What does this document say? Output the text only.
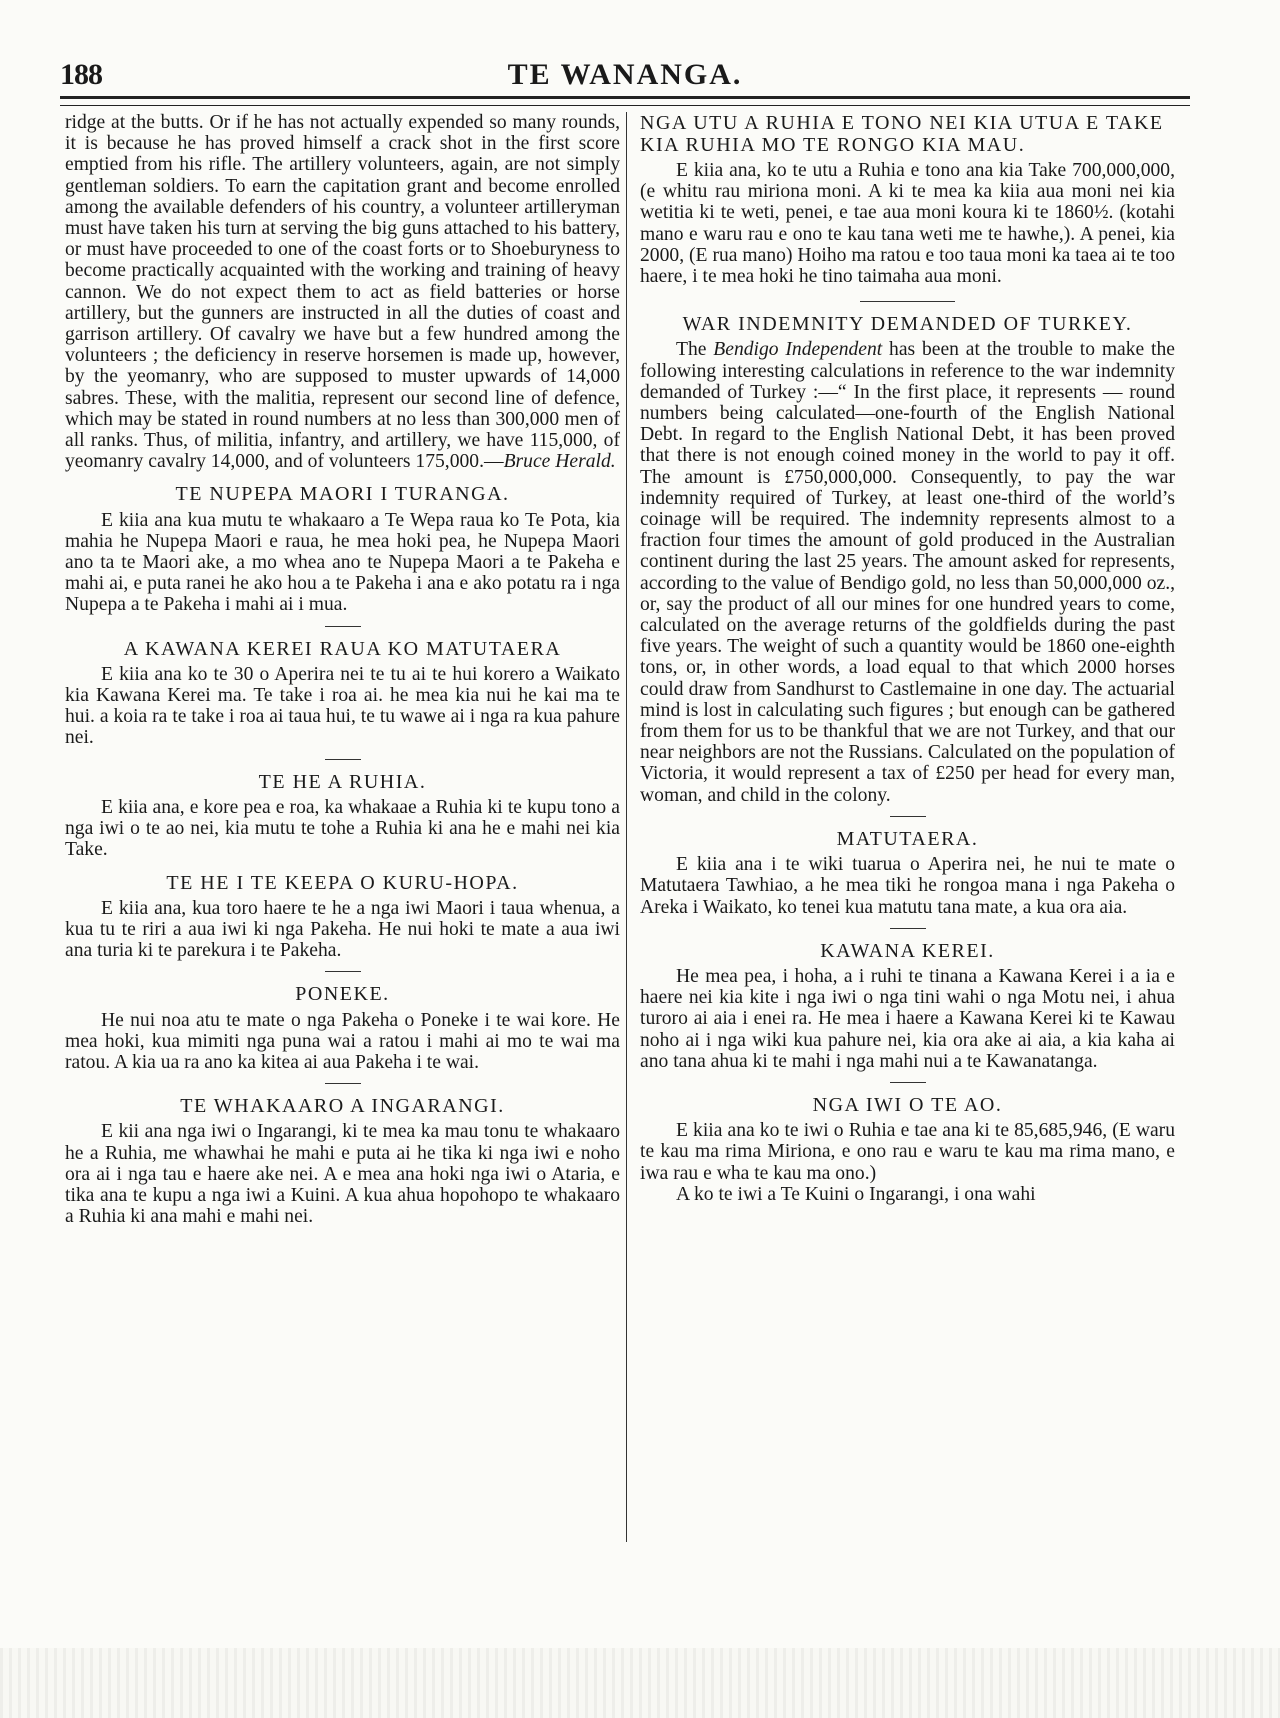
188	TE WANANGA.

ridge at the butts. Or if he has not actually expended so many rounds, it is because he has proved himself a crack shot in the first score emptied from his rifle. The artillery volunteers, again, are not simply gentleman soldiers. To earn the capitation grant and become enrolled among the available defenders of his country, a volunteer artilleryman must have taken his turn at serving the big guns attached to his battery, or must have proceeded to one of the coast forts or to Shoeburyness to become practically acquainted with the working and training of heavy cannon. We do not expect them to act as field batteries or horse artillery, but the gunners are instructed in all the duties of coast and garrison artillery. Of cavalry we have but a few hundred among the volunteers ; the deficiency in reserve horsemen is made up, however, by the yeomanry, who are supposed to muster upwards of 14,000 sabres. These, with the malitia, represent our second line of defence, which may be stated in round numbers at no less than 300,000 men of all ranks. Thus, of militia, infantry, and artillery, we have 115,000, of yeomanry cavalry 14,000, and of volunteers 175,000.—Bruce Herald.

TE NUPEPA MAORI I TURANGA.

E kiia ana kua mutu te whakaaro a Te Wepa raua ko Te Pota, kia mahia he Nupepa Maori e raua, he mea hoki pea, he Nupepa Maori ano ta te Maori ake, a mo whea ano te Nupepa Maori a te Pakeha e mahi ai, e puta ranei he ako hou a te Pakeha i ana e ako potatu ra i nga Nupepa a te Pakeha i mahi ai i mua.

A KAWANA KEREI RAUA KO MATUTAERA

E kiia ana ko te 30 o Aperira nei te tu ai te hui korero a Waikato kia Kawana Kerei ma. Te take i roa ai. he mea kia nui he kai ma te hui. a koia ra te take i roa ai taua hui, te tu wawe ai i nga ra kua pahure nei.

TE HE A RUHIA.

E kiia ana, e kore pea e roa, ka whakaae a Ruhia ki te kupu tono a nga iwi o te ao nei, kia mutu te tohe a Ruhia ki ana he e mahi nei kia Take.

TE HE I TE KEEPA O KURU-HOPA.

E kiia ana, kua toro haere te he a nga iwi Maori i taua whenua, a kua tu te riri a aua iwi ki nga Pakeha. He nui hoki te mate a aua iwi ana turia ki te parekura i te Pakeha.

PONEKE.

He nui noa atu te mate o nga Pakeha o Poneke i te wai kore. He mea hoki, kua mimiti nga puna wai a ratou i mahi ai mo te wai ma ratou. A kia ua ra ano ka kitea ai aua Pakeha i te wai.

TE WHAKAARO A INGARANGI.

E kii ana nga iwi o Ingarangi, ki te mea ka mau tonu te whakaaro he a Ruhia, me whawhai he mahi e puta ai he tika ki nga iwi e noho ora ai i nga tau e haere ake nei. A e mea ana hoki nga iwi o Ataria, e tika ana te kupu a nga iwi a Kuini. A kua ahua hopohopo te whakaaro a Ruhia ki ana mahi e mahi nei.

NGA UTU A RUHIA E TONO NEI KIA UTUA E TAKE KIA RUHIA MO TE RONGO KIA MAU.

E kiia ana, ko te utu a Ruhia e tono ana kia Take 700,000,000, (e whitu rau miriona moni. A ki te mea ka kiia aua moni nei kia wetitia ki te weti, penei, e tae aua moni koura ki te 1860½. (kotahi mano e waru rau e ono te kau tana weti me te hawhe,). A penei, kia 2000, (E rua mano) Hoiho ma ratou e too taua moni ka taea ai te too haere, i te mea hoki he tino taimaha aua moni.

WAR INDEMNITY DEMANDED OF TURKEY.

The Bendigo Independent has been at the trouble to make the following interesting calculations in reference to the war indemnity demanded of Turkey :—“ In the first place, it represents — round numbers being calculated—one-fourth of the English National Debt. In regard to the English National Debt, it has been proved that there is not enough coined money in the world to pay it off. The amount is £750,000,000. Consequently, to pay the war indemnity required of Turkey, at least one-third of the world’s coinage will be required. The indemnity represents almost to a fraction four times the amount of gold produced in the Australian continent during the last 25 years. The amount asked for represents, according to the value of Bendigo gold, no less than 50,000,000 oz., or, say the product of all our mines for one hundred years to come, calculated on the average returns of the goldfields during the past five years. The weight of such a quantity would be 1860 one-eighth tons, or, in other words, a load equal to that which 2000 horses could draw from Sandhurst to Castlemaine in one day. The actuarial mind is lost in calculating such figures ; but enough can be gathered from them for us to be thankful that we are not Turkey, and that our near neighbors are not the Russians. Calculated on the population of Victoria, it would represent a tax of £250 per head for every man, woman, and child in the colony.

MATUTAERA.

E kiia ana i te wiki tuarua o Aperira nei, he nui te mate o Matutaera Tawhiao, a he mea tiki he rongoa mana i nga Pakeha o Areka i Waikato, ko tenei kua matutu tana mate, a kua ora aia.

KAWANA KEREI.

He mea pea, i hoha, a i ruhi te tinana a Kawana Kerei i a ia e haere nei kia kite i nga iwi o nga tini wahi o nga Motu nei, i ahua turoro ai aia i enei ra. He mea i haere a Kawana Kerei ki te Kawau noho ai i nga wiki kua pahure nei, kia ora ake ai aia, a kia kaha ai ano tana ahua ki te mahi i nga mahi nui a te Kawanatanga.

NGA IWI O TE AO.

E kiia ana ko te iwi o Ruhia e tae ana ki te 85,685,946, (E waru te kau ma rima Miriona, e ono rau e waru te kau ma rima mano, e iwa rau e wha te kau ma ono.)

A ko te iwi a Te Kuini o Ingarangi, i ona wahi
